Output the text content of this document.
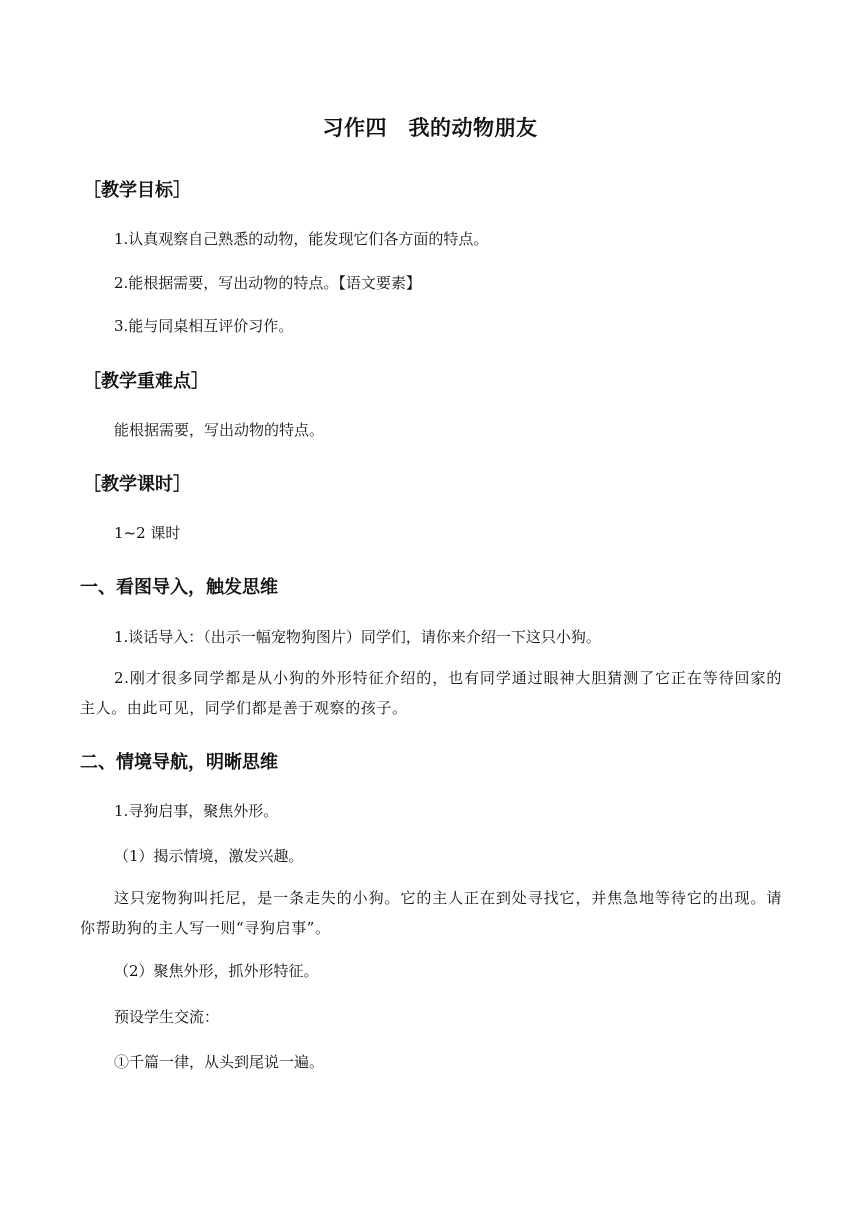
习作四　我的动物朋友
［教学目标］
1.认真观察自己熟悉的动物，能发现它们各方面的特点。
2.能根据需要，写出动物的特点。【语文要素】
3.能与同桌相互评价习作。
［教学重难点］
能根据需要，写出动物的特点。
［教学课时］
1~2 课时
一、看图导入，触发思维
1.谈话导入：（出示一幅宠物狗图片）同学们，请你来介绍一下这只小狗。
2.刚才很多同学都是从小狗的外形特征介绍的，也有同学通过眼神大胆猜测了它正在等待回家的主人。由此可见，同学们都是善于观察的孩子。
二、情境导航，明晰思维
1.寻狗启事，聚焦外形。
（1）揭示情境，激发兴趣。
这只宠物狗叫托尼，是一条走失的小狗。它的主人正在到处寻找它，并焦急地等待它的出现。请你帮助狗的主人写一则“寻狗启事”。
（2）聚焦外形，抓外形特征。
预设学生交流：
①千篇一律，从头到尾说一遍。
